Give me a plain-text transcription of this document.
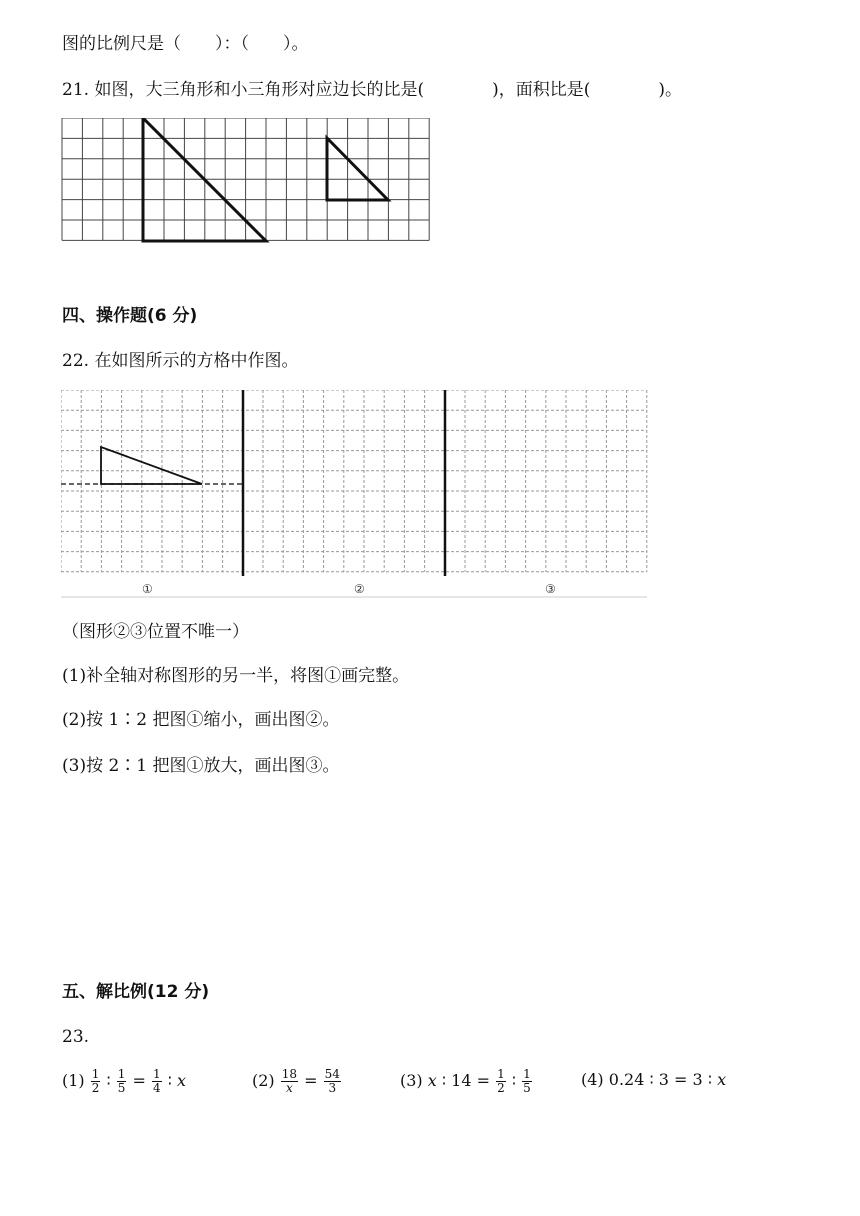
图的比例尺是（　　）：（　　）。
21. 如图，大三角形和小三角形对应边长的比是(　　　　)，面积比是(　　　　)。
四、操作题(6 分)
22. 在如图所示的方格中作图。
①	②	③
（图形②③位置不唯一）
(1)补全轴对称图形的另一半，将图①画完整。
(2)按 1∶2 把图①缩小，画出图②。
(3)按 2∶1 把图①放大，画出图③。
五、解比例(12 分)
23.
$(1) \frac{1}{2}$ ∶ $\frac{1}{5} = \frac{1}{4}$ ∶ x	$(2) \frac{18}{x} = \frac{54}{3}$	(3) x ∶ $14 = \frac{1}{2}$ ∶ $\frac{1}{5}$	(4) 0.24 ∶ 3 = 3 ∶ x
